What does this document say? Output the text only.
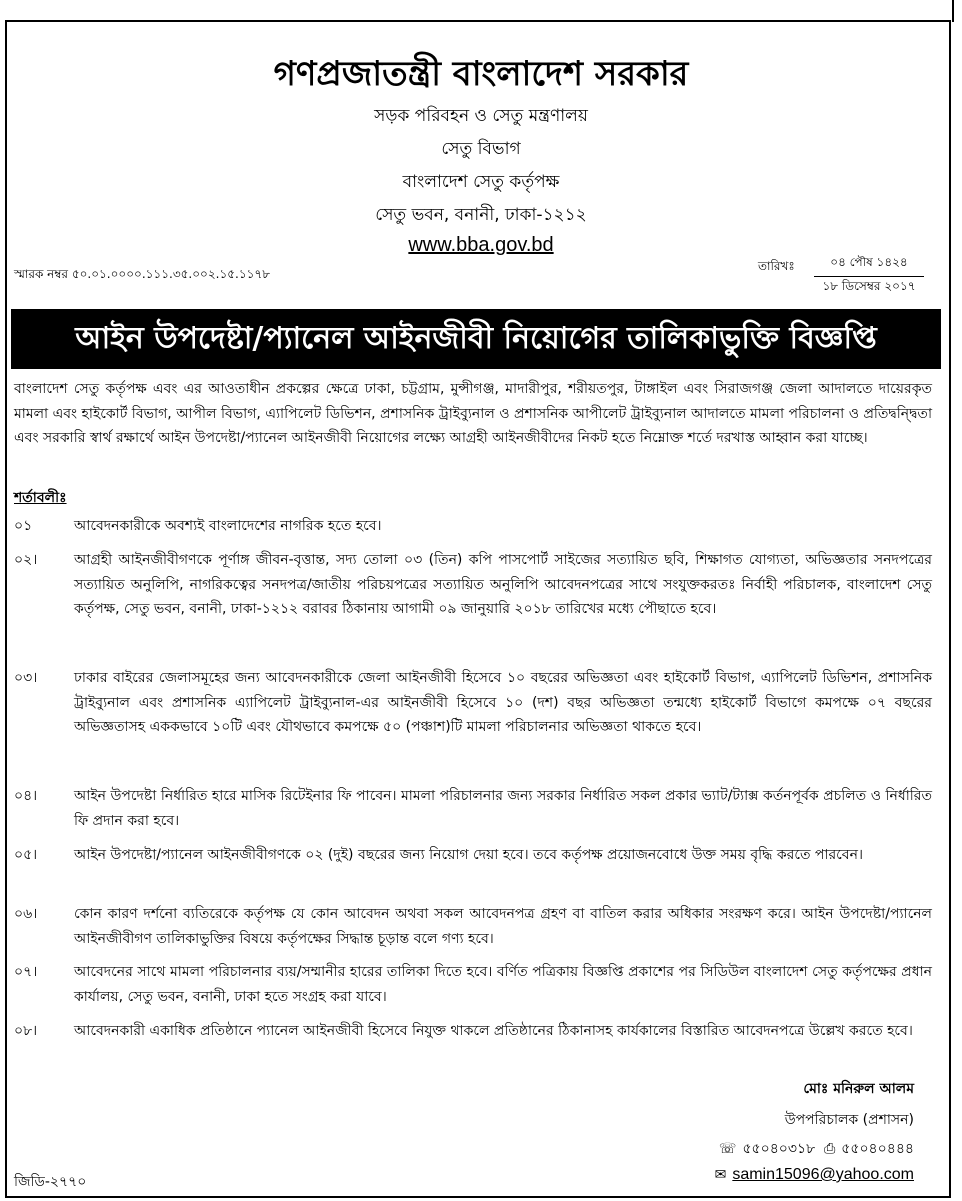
গণপ্রজাতন্ত্রী বাংলাদেশ সরকার
সড়ক পরিবহন ও সেতু মন্ত্রণালয়
সেতু বিভাগ
বাংলাদেশ সেতু কর্তৃপক্ষ
সেতু ভবন, বনানী, ঢাকা-১২১২
www.bba.gov.bd
স্মারক নম্বর ৫০.০১.০০০০.১১১.৩৫.০০২.১৫.১১৭৮
তারিখঃ	০৪ পৌষ ১৪২৪
১৮ ডিসেম্বর ২০১৭
আইন উপদেষ্টা/প্যানেল আইনজীবী নিয়োগের তালিকাভুক্তি বিজ্ঞপ্তি
বাংলাদেশ সেতু কর্তৃপক্ষ এবং এর আওতাধীন প্রকল্পের ক্ষেত্রে ঢাকা, চট্টগ্রাম, মুন্সীগঞ্জ, মাদারীপুর, শরীয়তপুর, টাঙ্গাইল এবং সিরাজগঞ্জ জেলা আদালতে দায়েরকৃত মামলা এবং হাইকোর্ট বিভাগ, আপীল বিভাগ, এ্যাপিলেট ডিভিশন, প্রশাসনিক ট্রাইব্যুনাল ও প্রশাসনিক আপীলেট ট্রাইব্যুনাল আদালতে মামলা পরিচালনা ও প্রতিদ্বন্দ্বিতা এবং সরকারি স্বার্থ রক্ষার্থে আইন উপদেষ্টা/প্যানেল আইনজীবী নিয়োগের লক্ষ্যে আগ্রহী আইনজীবীদের নিকট হতে নিম্নোক্ত শর্তে দরখাস্ত আহ্বান করা যাচ্ছে।
শর্তাবলীঃ
০১	আবেদনকারীকে অবশ্যই বাংলাদেশের নাগরিক হতে হবে।
০২।	আগ্রহী আইনজীবীগণকে পূর্ণাঙ্গ জীবন-বৃত্তান্ত, সদ্য তোলা ০৩ (তিন) কপি পাসপোর্ট সাইজের সত্যায়িত ছবি, শিক্ষাগত যোগ্যতা, অভিজ্ঞতার সনদপত্রের সত্যায়িত অনুলিপি, নাগরিকত্বের সনদপত্র/জাতীয় পরিচয়পত্রের সত্যায়িত অনুলিপি আবেদনপত্রের সাথে সংযুক্তকরতঃ নির্বাহী পরিচালক, বাংলাদেশ সেতু কর্তৃপক্ষ, সেতু ভবন, বনানী, ঢাকা-১২১২ বরাবর ঠিকানায় আগামী ০৯ জানুয়ারি ২০১৮ তারিখের মধ্যে পৌছাতে হবে।
০৩।	ঢাকার বাইরের জেলাসমূহের জন্য আবেদনকারীকে জেলা আইনজীবী হিসেবে ১০ বছরের অভিজ্ঞতা এবং হাইকোর্ট বিভাগ, এ্যাপিলেট ডিভিশন, প্রশাসনিক ট্রাইব্যুনাল এবং প্রশাসনিক এ্যাপিলেট ট্রাইব্যুনাল-এর আইনজীবী হিসেবে ১০ (দশ) বছর অভিজ্ঞতা তন্মধ্যে হাইকোর্ট বিভাগে কমপক্ষে ০৭ বছরের অভিজ্ঞতাসহ এককভাবে ১০টি এবং যৌথভাবে কমপক্ষে ৫০ (পঞ্চাশ)টি মামলা পরিচালনার অভিজ্ঞতা থাকতে হবে।
০৪।	আইন উপদেষ্টা নির্ধারিত হারে মাসিক রিটেইনার ফি পাবেন। মামলা পরিচালনার জন্য সরকার নির্ধারিত সকল প্রকার ভ্যাট/ট্যাক্স কর্তনপূর্বক প্রচলিত ও নির্ধারিত ফি প্রদান করা হবে।
০৫।	আইন উপদেষ্টা/প্যানেল আইনজীবীগণকে ০২ (দুই) বছরের জন্য নিয়োগ দেয়া হবে। তবে কর্তৃপক্ষ প্রয়োজনবোধে উক্ত সময় বৃদ্ধি করতে পারবেন।
০৬।	কোন কারণ দর্শনো ব্যতিরেকে কর্তৃপক্ষ যে কোন আবেদন অথবা সকল আবেদনপত্র গ্রহণ বা বাতিল করার অধিকার সংরক্ষণ করে। আইন উপদেষ্টা/প্যানেল আইনজীবীগণ তালিকাভুক্তির বিষয়ে কর্তৃপক্ষের সিদ্ধান্ত চূড়ান্ত বলে গণ্য হবে।
০৭।	আবেদনের সাথে মামলা পরিচালনার ব্যয়/সম্মানীর হারের তালিকা দিতে হবে। বর্ণিত পত্রিকায় বিজ্ঞপ্তি প্রকাশের পর সিডিউল বাংলাদেশ সেতু কর্তৃপক্ষের প্রধান কার্যালয়, সেতু ভবন, বনানী, ঢাকা হতে সংগ্রহ করা যাবে।
০৮।	আবেদনকারী একাধিক প্রতিষ্ঠানে প্যানেল আইনজীবী হিসেবে নিযুক্ত থাকলে প্রতিষ্ঠানের ঠিকানাসহ কার্যকালের বিস্তারিত আবেদনপত্রে উল্লেখ করতে হবে।
মোঃ মনিরুল আলম
উপপরিচালক (প্রশাসন)
☏ ৫৫০৪০৩১৮ ⎙ ৫৫০৪০৪৪৪
✉ samin15096@yahoo.com
জিডি-২৭৭০
